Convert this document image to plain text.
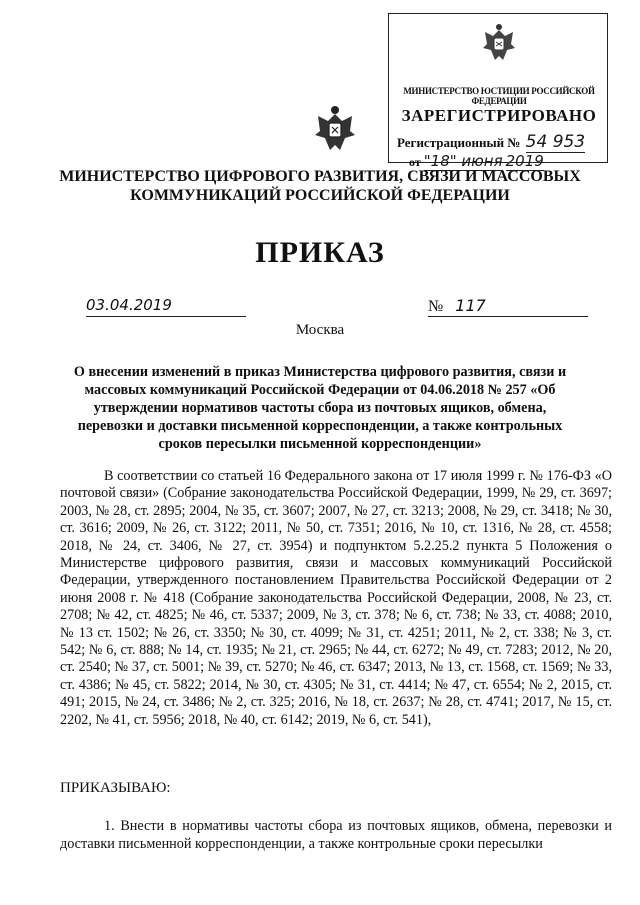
МИНИСТЕРСТВО ЮСТИЦИИ РОССИЙСКОЙ ФЕДЕРАЦИИ
ЗАРЕГИСТРИРОВАНО
Регистрационный № 54 953
от "18" июня 2019
МИНИСТЕРСТВО ЦИФРОВОГО РАЗВИТИЯ, СВЯЗИ И МАССОВЫХ КОММУНИКАЦИЙ РОССИЙСКОЙ ФЕДЕРАЦИИ
ПРИКАЗ
03.04.2019	№ 117
Москва
О внесении изменений в приказ Министерства цифрового развития, связи и массовых коммуникаций Российской Федерации от 04.06.2018 № 257 «Об утверждении нормативов частоты сбора из почтовых ящиков, обмена, перевозки и доставки письменной корреспонденции, а также контрольных сроков пересылки письменной корреспонденции»

В соответствии со статьей 16 Федерального закона от 17 июля 1999 г. № 176-ФЗ «О почтовой связи» (Собрание законодательства Российской Федерации, 1999, № 29, ст. 3697; 2003, № 28, ст. 2895; 2004, № 35, ст. 3607; 2007, № 27, ст. 3213; 2008, № 29, ст. 3418; № 30, ст. 3616; 2009, № 26, ст. 3122; 2011, № 50, ст. 7351; 2016, № 10, ст. 1316, № 28, ст. 4558; 2018, № 24, ст. 3406, № 27, ст. 3954) и подпунктом 5.2.25.2 пункта 5 Положения о Министерстве цифрового развития, связи и массовых коммуникаций Российской Федерации, утвержденного постановлением Правительства Российской Федерации от 2 июня 2008 г. № 418 (Собрание законодательства Российской Федерации, 2008, № 23, ст. 2708; № 42, ст. 4825; № 46, ст. 5337; 2009, № 3, ст. 378; № 6, ст. 738; № 33, ст. 4088; 2010, № 13 ст. 1502; № 26, ст. 3350; № 30, ст. 4099; № 31, ст. 4251; 2011, № 2, ст. 338; № 3, ст. 542; № 6, ст. 888; № 14, ст. 1935; № 21, ст. 2965; № 44, ст. 6272; № 49, ст. 7283; 2012, № 20, ст. 2540; № 37, ст. 5001; № 39, ст. 5270; № 46, ст. 6347; 2013, № 13, ст. 1568, ст. 1569; № 33, ст. 4386; № 45, ст. 5822; 2014, № 30, ст. 4305; № 31, ст. 4414; № 47, ст. 6554; № 2, 2015, ст. 491; 2015, № 24, ст. 3486; № 2, ст. 325; 2016, № 18, ст. 2637; № 28, ст. 4741; 2017, № 15, ст. 2202, № 41, ст. 5956; 2018, № 40, ст. 6142; 2019, № 6, ст. 541),

ПРИКАЗЫВАЮ:

1. Внести в нормативы частоты сбора из почтовых ящиков, обмена, перевозки и доставки письменной корреспонденции, а также контрольные сроки пересылки
